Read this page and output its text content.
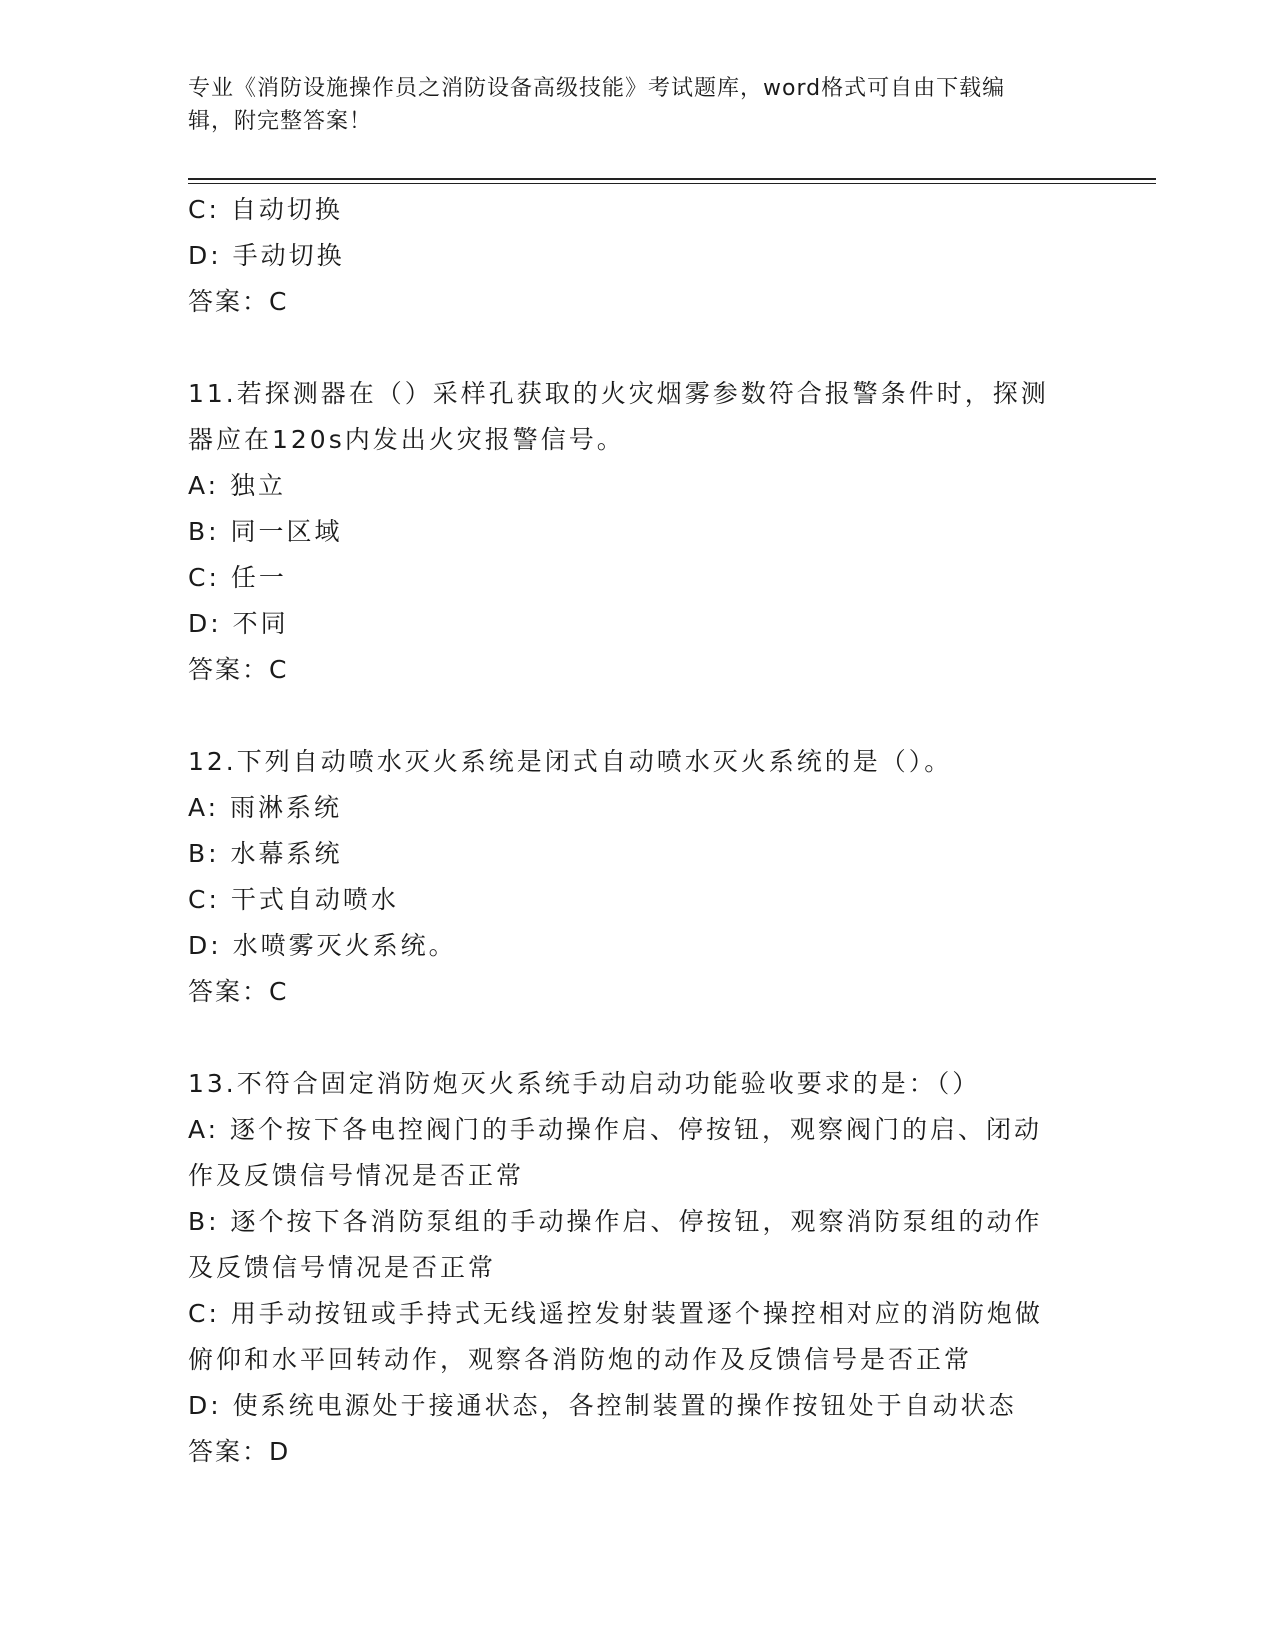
专业《消防设施操作员之消防设备高级技能》考试题库，word格式可自由下载编
辑，附完整答案！
C: 自动切换
D: 手动切换
答案：C
11.若探测器在（）采样孔获取的火灾烟雾参数符合报警条件时，探测
器应在120s内发出火灾报警信号。
A: 独立
B: 同一区域
C: 任一
D: 不同
答案：C
12.下列自动喷水灭火系统是闭式自动喷水灭火系统的是（）。
A: 雨淋系统
B: 水幕系统
C: 干式自动喷水
D: 水喷雾灭火系统。
答案：C
13.不符合固定消防炮灭火系统手动启动功能验收要求的是：（）
A: 逐个按下各电控阀门的手动操作启、停按钮，观察阀门的启、闭动
作及反馈信号情况是否正常
B: 逐个按下各消防泵组的手动操作启、停按钮，观察消防泵组的动作
及反馈信号情况是否正常
C: 用手动按钮或手持式无线遥控发射装置逐个操控相对应的消防炮做
俯仰和水平回转动作，观察各消防炮的动作及反馈信号是否正常
D: 使系统电源处于接通状态，各控制装置的操作按钮处于自动状态
答案：D
